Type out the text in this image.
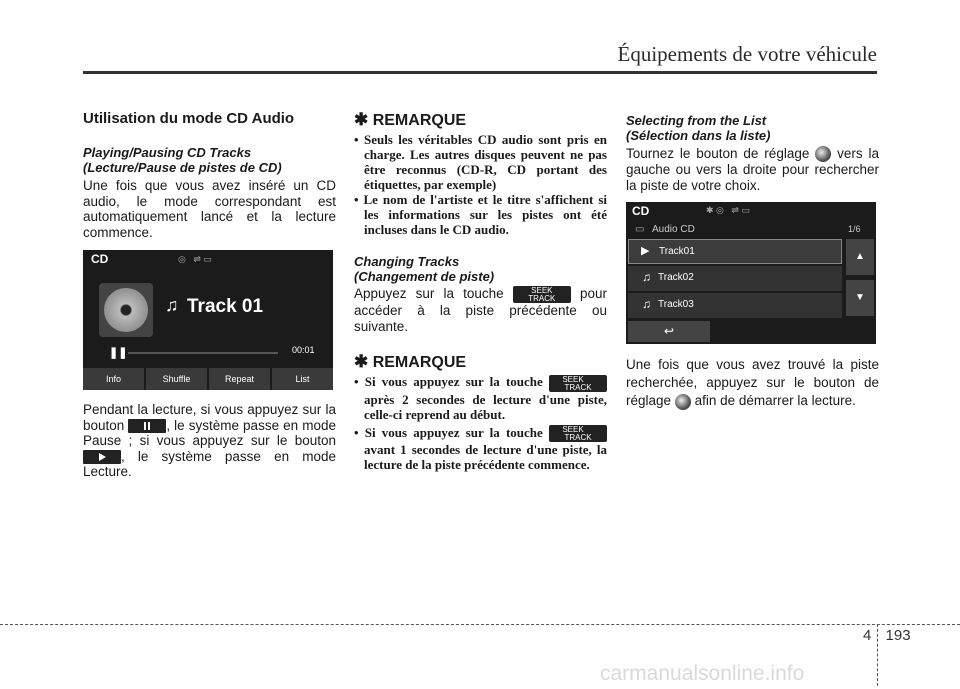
Équipements de votre véhicule
Utilisation du mode CD Audio
Playing/Pausing CD Tracks
(Lecture/Pause de pistes de CD)
Une fois que vous avez inséré un CD audio, le mode correspondant est automatiquement lancé et la lecture commence.
CD	◎   ⇌ ▭
♫ Track 01
❚❚	00:01
Info	Shuffle	Repeat	List
Pendant la lecture, si vous appuyez sur la bouton	, le système passe en mode Pause ; si vous appuyez sur le bouton , le système passe en mode Lecture.
✱ REMARQUE
• Seuls les véritables CD audio sont pris en charge. Les autres disques peuvent ne pas être reconnus (CD-R, CD portant des étiquettes, par exemple)
• Le nom de l'artiste et le titre s'affichent si les informations sur les pistes ont été incluses dans le CD audio.
Changing Tracks
(Changement de piste)
Appuyez sur la touche	SEEK
TRACK pour accéder à la piste précédente ou suivante.
✱ REMARQUE
• Si vous appuyez sur la touche SEEK
TRACK après 2 secondes de lecture d'une piste, celle-ci reprend au début.
• Si vous appuyez sur la touche SEEK
TRACK avant 1 secondes de lecture d'une piste, la lecture de la piste précédente commence.
Selecting from the List
(Sélection dans la liste)
Tournez le bouton de réglage vers la gauche ou vers la droite pour rechercher la piste de votre choix.
CD	✱ ◎   ⇌ ▭
▭ Audio CD	1/6
▶ Track01
♫ Track02
♫ Track03
▲
▼
↩
Une fois que vous avez trouvé la piste recherchée, appuyez sur le bouton de réglage afin de démarrer la lecture.
4 193
carmanualsonline.info
